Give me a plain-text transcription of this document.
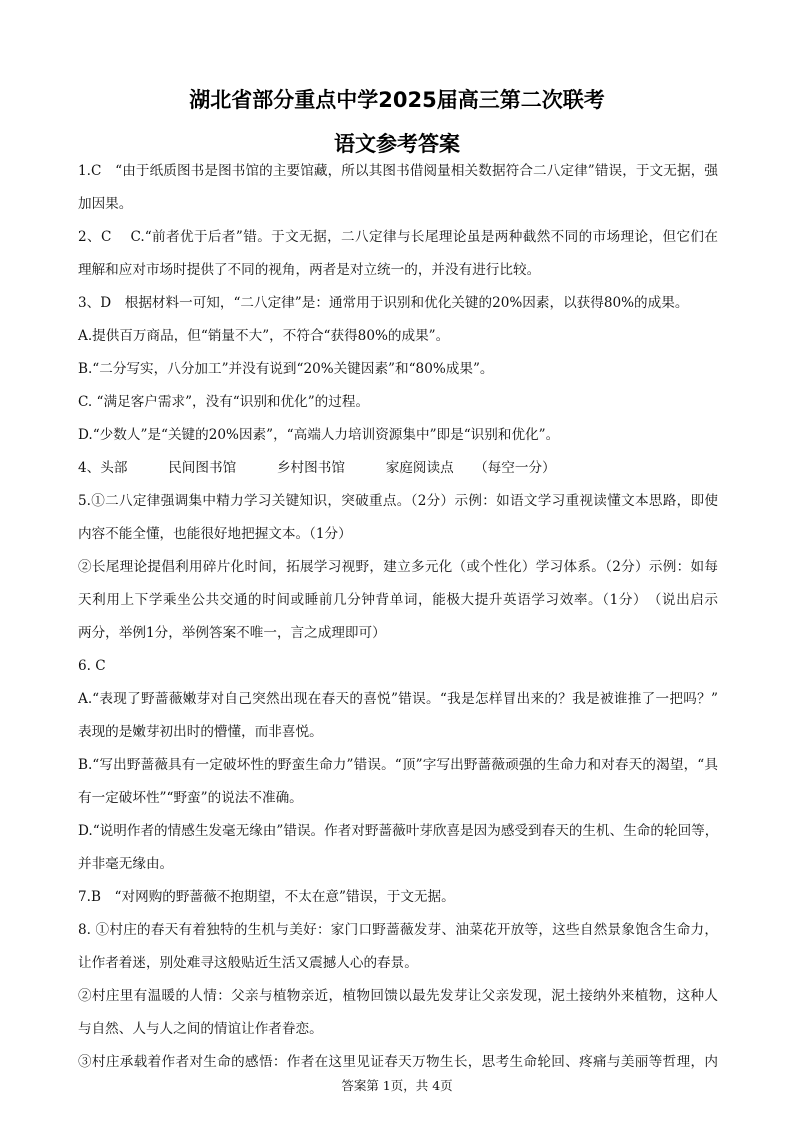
湖北省部分重点中学2025届高三第二次联考
语文参考答案
1.C　“由于纸质图书是图书馆的主要馆藏，所以其图书借阅量相关数据符合二八定律”错误，于文无据，强
加因果。
2、C　 C.“前者优于后者”错。于文无据，二八定律与长尾理论虽是两种截然不同的市场理论，但它们在
理解和应对市场时提供了不同的视角，两者是对立统一的，并没有进行比较。
3、D　根据材料一可知，“二八定律”是：通常用于识别和优化关键的20%因素，以获得80%的成果。
A.提供百万商品，但“销量不大”，不符合“获得80%的成果”。
B.“二分写实，八分加工”并没有说到“20%关键因素”和“80%成果”。
C. “满足客户需求”，没有“识别和优化”的过程。
D.“少数人”是“关键的20%因素”，“高端人力培训资源集中”即是“识别和优化”。
4、头部　　　民间图书馆　　　乡村图书馆　　　家庭阅读点　　（每空一分）
5.①二八定律强调集中精力学习关键知识，突破重点。（2分）示例：如语文学习重视读懂文本思路，即使
内容不能全懂，也能很好地把握文本。（1分）
②长尾理论提倡利用碎片化时间，拓展学习视野，建立多元化（或个性化）学习体系。（2分）示例：如每
天利用上下学乘坐公共交通的时间或睡前几分钟背单词，能极大提升英语学习效率。（1分）　（说出启示
两分，举例1分，举例答案不唯一，言之成理即可）
6. C
A.“表现了野蔷薇嫩芽对自己突然出现在春天的喜悦”错误。“我是怎样冒出来的？我是被谁推了一把吗？”
表现的是嫩芽初出时的懵懂，而非喜悦。
B.“写出野蔷薇具有一定破坏性的野蛮生命力”错误。“顶”字写出野蔷薇顽强的生命力和对春天的渴望，“具
有一定破坏性”“野蛮”的说法不准确。
D.“说明作者的情感生发毫无缘由”错误。作者对野蔷薇叶芽欣喜是因为感受到春天的生机、生命的轮回等，
并非毫无缘由。
7.B　“对网购的野蔷薇不抱期望，不太在意”错误，于文无据。
8. ①村庄的春天有着独特的生机与美好：家门口野蔷薇发芽、油菜花开放等，这些自然景象饱含生命力，
让作者着迷，别处难寻这般贴近生活又震撼人心的春景。
②村庄里有温暖的人情：父亲与植物亲近，植物回馈以最先发芽让父亲发现，泥土接纳外来植物，这种人
与自然、人与人之间的情谊让作者眷恋。
③村庄承载着作者对生命的感悟：作者在这里见证春天万物生长，思考生命轮回、疼痛与美丽等哲理，内
答案第 1页，共 4页
